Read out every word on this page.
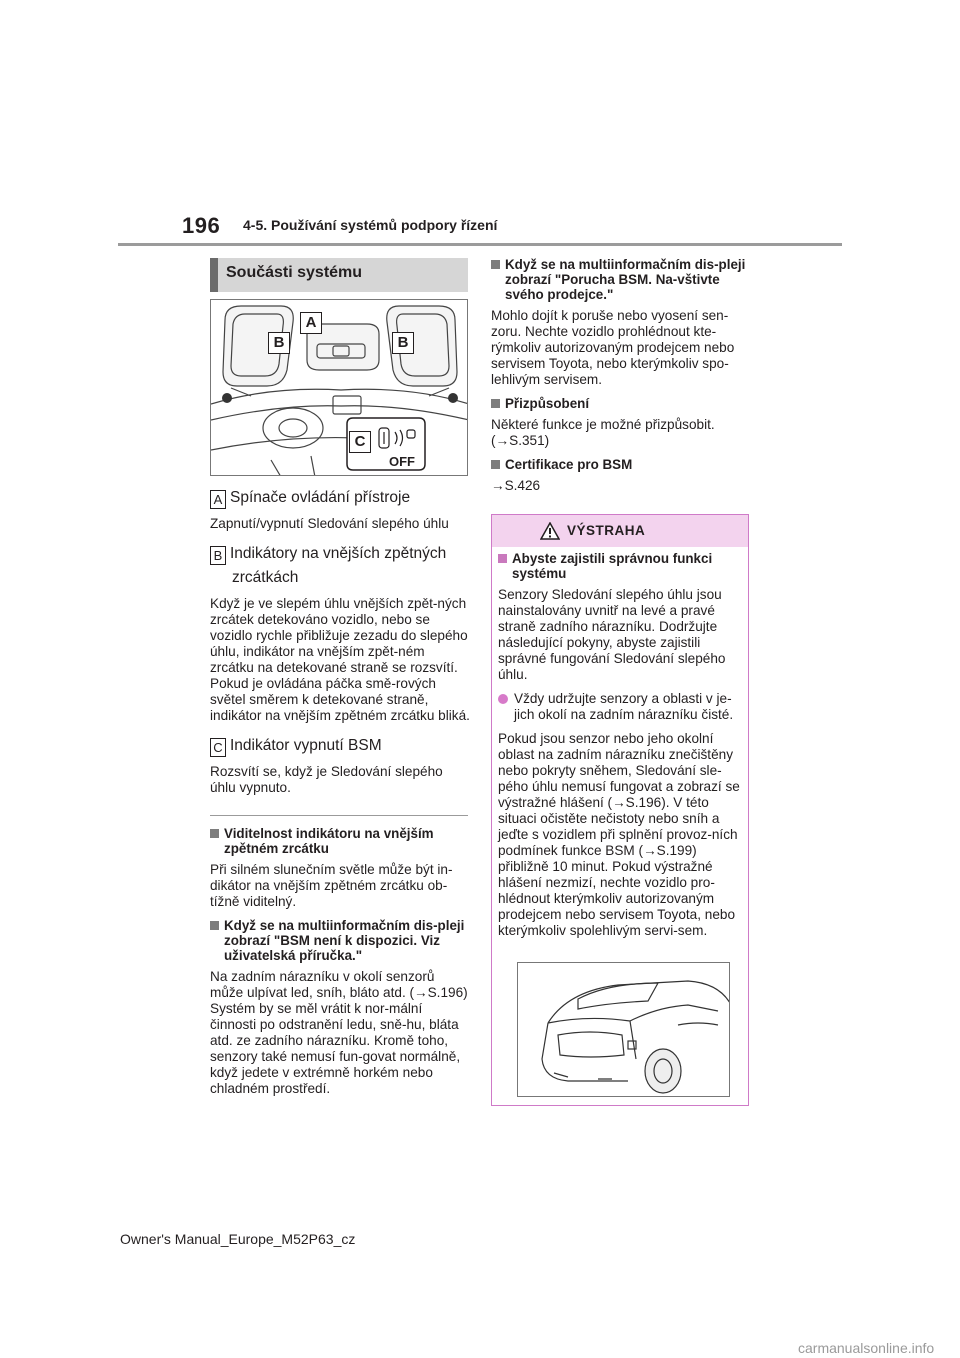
196 4-5. Používání systémů podpory řízení
Součásti systému
OFF
B
A
B
C
A Spínače ovládání přístroje

Zapnutí/vypnutí Sledování slepého úhlu

B Indikátory na vnějších zpětných zrcátkách

Když je ve slepém úhlu vnějších zpět-ných zrcátek detekováno vozidlo, nebo se vozidlo rychle přibližuje zezadu do slepého úhlu, indikátor na vnějším zpět-ném zrcátku na detekované straně se rozsvítí. Pokud je ovládána páčka smě-rových světel směrem k detekované straně, indikátor na vnějším zpětném zrcátku bliká.

C Indikátor vypnutí BSM

Rozsvítí se, když je Sledování slepého úhlu vypnuto.

Viditelnost indikátoru na vnějším zpětném zrcátku

Při silném slunečním světle může být in-dikátor na vnějším zpětném zrcátku ob-tížně viditelný.

Když se na multiinformačním dis-pleji zobrazí "BSM není k dispozici. Viz uživatelská příručka."

Na zadním nárazníku v okolí senzorů může ulpívat led, sníh, bláto atd. (→S.196) Systém by se měl vrátit k nor-mální činnosti po odstranění ledu, sně-hu, bláta atd. ze zadního nárazníku. Kromě toho, senzory také nemusí fun-govat normálně, když jedete v extrémně horkém nebo chladném prostředí.

Když se na multiinformačním dis-pleji zobrazí "Porucha BSM. Na-vštivte svého prodejce."

Mohlo dojít k poruše nebo vyosení sen-zoru. Nechte vozidlo prohlédnout kte-rýmkoliv autorizovaným prodejcem nebo servisem Toyota, nebo kterýmkoliv spo-lehlivým servisem.

Přizpůsobení

Některé funkce je možné přizpůsobit. (→S.351)

Certifikace pro BSM

→S.426

VÝSTRAHA
Abyste zajistili správnou funkci systému

Senzory Sledování slepého úhlu jsou nainstalovány uvnitř na levé a pravé straně zadního nárazníku. Dodržujte následující pokyny, abyste zajistili správné fungování Sledování slepého úhlu.

Vždy udržujte senzory a oblasti v je-jich okolí na zadním nárazníku čisté.

Pokud jsou senzor nebo jeho okolní oblast na zadním nárazníku znečištěny nebo pokryty sněhem, Sledování sle-pého úhlu nemusí fungovat a zobrazí se výstražné hlášení (→S.196). V této situaci očistěte nečistoty nebo sníh a jeďte s vozidlem při splnění provoz-ních podmínek funkce BSM (→S.199) přibližně 10 minut. Pokud výstražné hlášení nezmizí, nechte vozidlo pro-hlédnout kterýmkoliv autorizovaným prodejcem nebo servisem Toyota, nebo kterýmkoliv spolehlivým servi-sem.

Owner's Manual_Europe_M52P63_cz
carmanualsonline.info
